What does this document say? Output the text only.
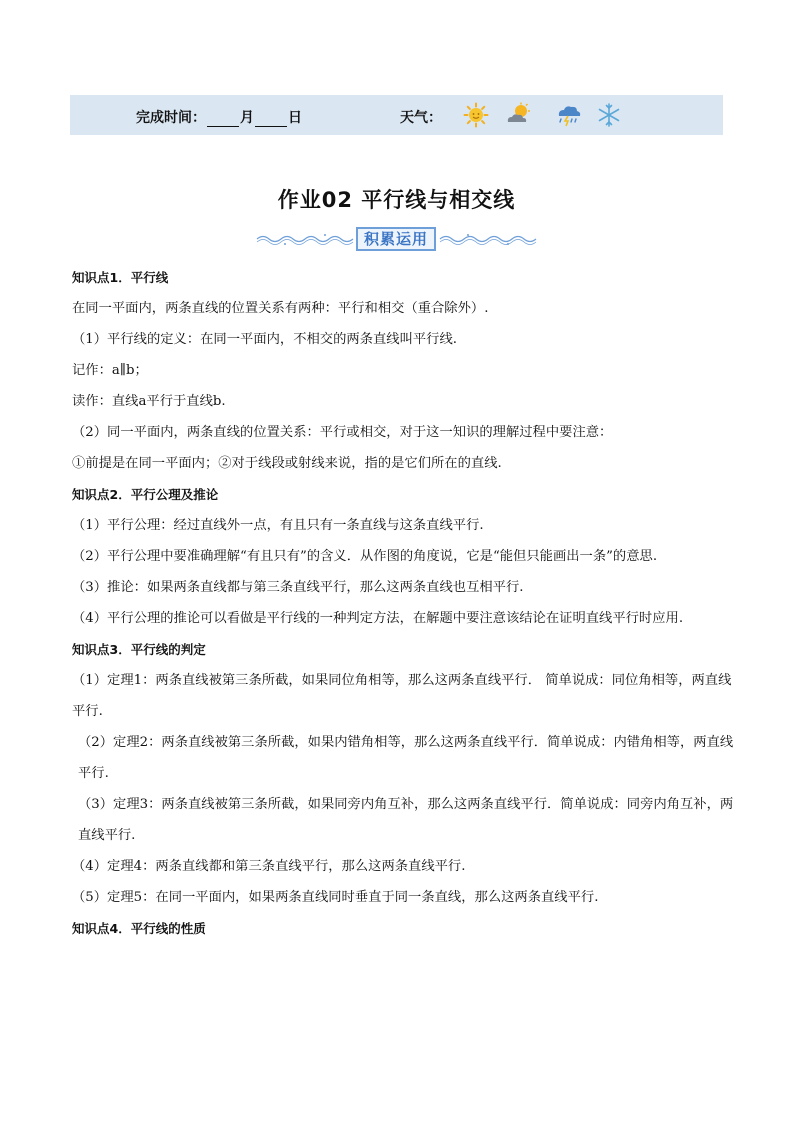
完成时间： 月 日	天气：
作业02 平行线与相交线
积累运用
知识点1．平行线
在同一平面内，两条直线的位置关系有两种：平行和相交（重合除外）.
（1）平行线的定义：在同一平面内，不相交的两条直线叫平行线.
记作：a∥b；
读作：直线a平行于直线b.
（2）同一平面内，两条直线的位置关系：平行或相交，对于这一知识的理解过程中要注意：
①前提是在同一平面内；②对于线段或射线来说，指的是它们所在的直线.
知识点2．平行公理及推论
（1）平行公理：经过直线外一点，有且只有一条直线与这条直线平行.
（2）平行公理中要准确理解“有且只有”的含义．从作图的角度说，它是“能但只能画出一条”的意思.
（3）推论：如果两条直线都与第三条直线平行，那么这两条直线也互相平行.
（4）平行公理的推论可以看做是平行线的一种判定方法，在解题中要注意该结论在证明直线平行时应用.
知识点3．平行线的判定
（1）定理1：两条直线被第三条所截，如果同位角相等，那么这两条直线平行． 简单说成：同位角相等，两直线平行.
（2）定理2：两条直线被第三条所截，如果内错角相等，那么这两条直线平行．简单说成：内错角相等，两直线平行.
（3）定理3：两条直线被第三条所截，如果同旁内角互补，那么这两条直线平行．简单说成：同旁内角互补，两直线平行.
（4）定理4：两条直线都和第三条直线平行，那么这两条直线平行.
（5）定理5：在同一平面内，如果两条直线同时垂直于同一条直线，那么这两条直线平行.
知识点4．平行线的性质
